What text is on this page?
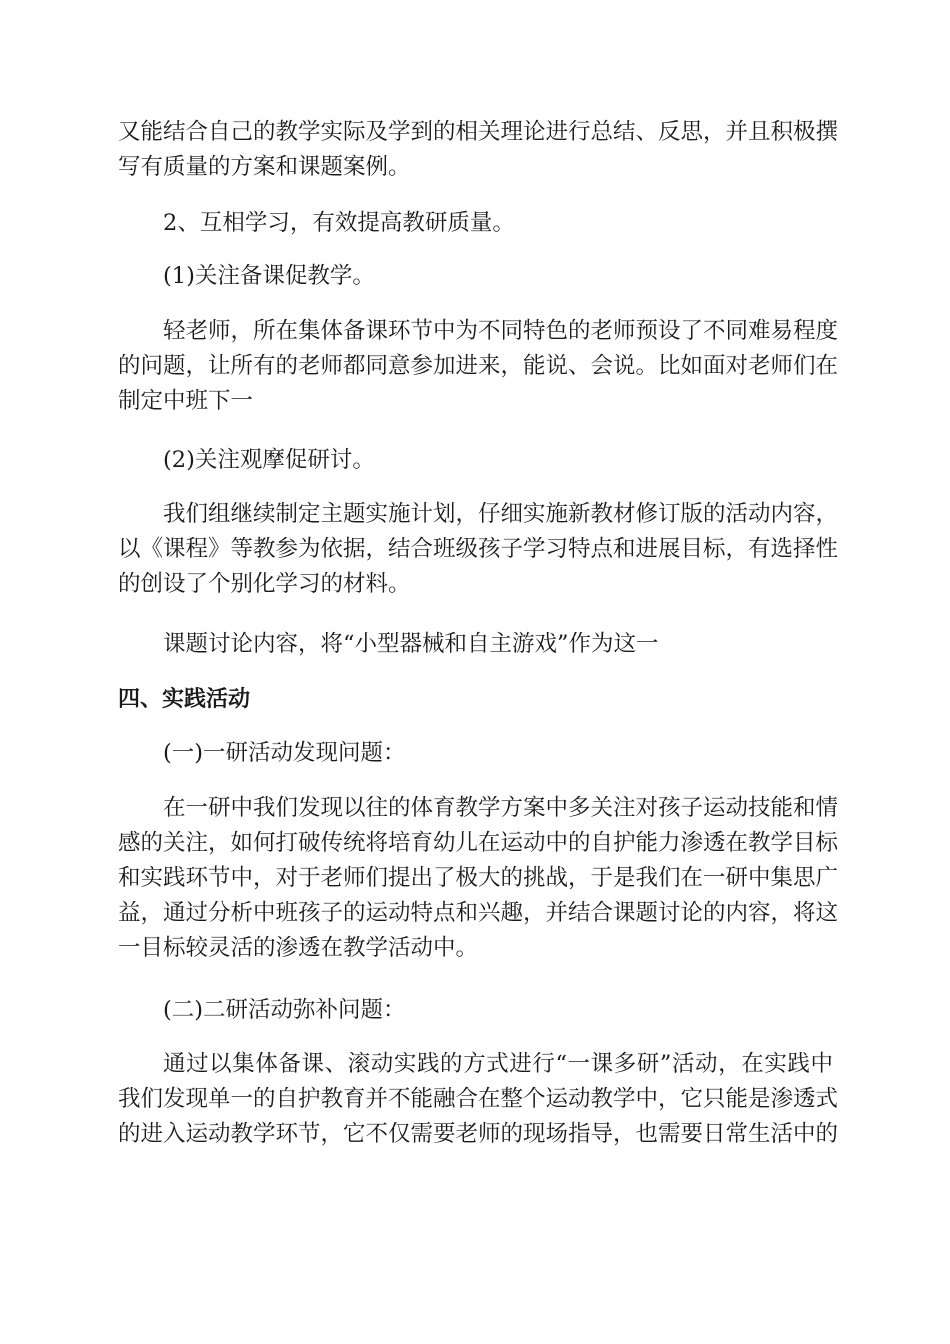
又能结合自己的教学实际及学到的相关理论进行总结、反思，并且积极撰
写有质量的方案和课题案例。
2、互相学习，有效提高教研质量。
(1)关注备课促教学。
轻老师，所在集体备课环节中为不同特色的老师预设了不同难易程度
的问题，让所有的老师都同意参加进来，能说、会说。比如面对老师们在
制定中班下一
(2)关注观摩促研讨。
我们组继续制定主题实施计划，仔细实施新教材修订版的活动内容，
以《课程》等教参为依据，结合班级孩子学习特点和进展目标，有选择性
的创设了个别化学习的材料。
课题讨论内容，将“小型器械和自主游戏”作为这一
四、实践活动
(一)一研活动发现问题：
在一研中我们发现以往的体育教学方案中多关注对孩子运动技能和情
感的关注，如何打破传统将培育幼儿在运动中的自护能力渗透在教学目标
和实践环节中，对于老师们提出了极大的挑战，于是我们在一研中集思广
益，通过分析中班孩子的运动特点和兴趣，并结合课题讨论的内容，将这
一目标较灵活的渗透在教学活动中。
(二)二研活动弥补问题：
通过以集体备课、滚动实践的方式进行“一课多研”活动，在实践中
我们发现单一的自护教育并不能融合在整个运动教学中，它只能是渗透式
的进入运动教学环节，它不仅需要老师的现场指导，也需要日常生活中的
